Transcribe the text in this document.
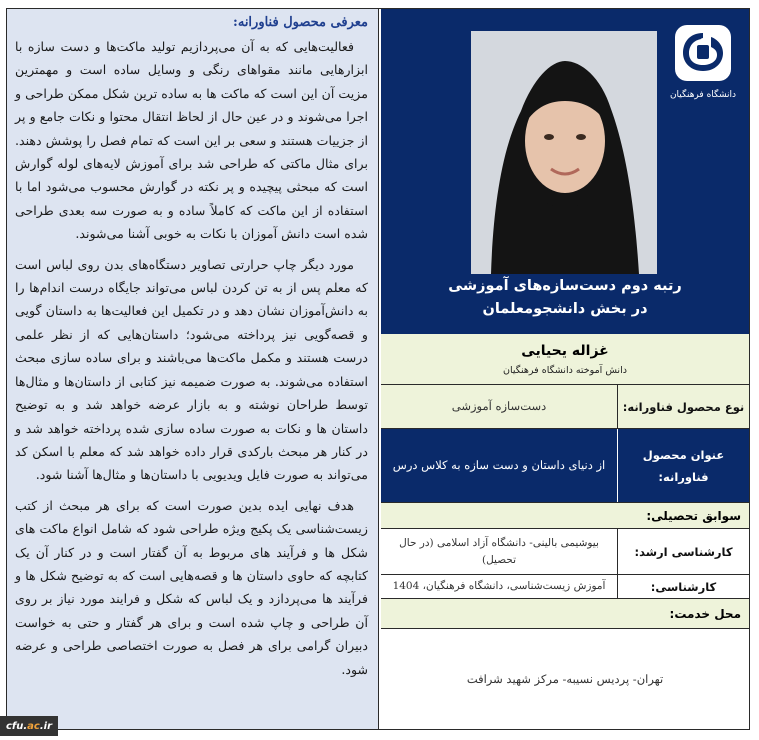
معرفی محصول فناورانه:

فعالیت‌هایی که به آن می‌پردازیم تولید ماکت‌ها و دست سازه با ابزارهایی مانند مقواهای رنگی و وسایل ساده است و مهمترین مزیت آن این است که ماکت ها به ساده ترین شکل ممکن طراحی و اجرا می‌شوند و در عین حال از لحاظ انتقال محتوا و نکات جامع و پر از جزییات هستند و سعی بر این است که تمام فصل را پوشش دهند. برای مثال ماکتی که طراحی شد برای آموزش لایه‌های لوله گوارش است که مبحثی پیچیده و پر نکته در گوارش محسوب می‌شود اما با استفاده از این ماکت که کاملاً ساده و به صورت سه بعدی طراحی شده است دانش آموزان با نکات به خوبی آشنا می‌شوند.

مورد دیگر چاپ حرارتی تصاویر دستگاه‌های بدن روی لباس است که معلم پس از به تن کردن لباس می‌تواند جایگاه درست اندام‌ها را به دانش‌آموزان نشان دهد و در تکمیل این فعالیت‌ها به داستان گویی و قصه‌گویی نیز پرداخته می‌شود؛ داستان‌هایی که از نظر علمی درست هستند و مکمل ماکت‌ها می‌باشند و برای ساده سازی مبحث استفاده می‌شوند. به صورت ضمیمه نیز کتابی از داستان‌ها و مثال‌ها توسط طراحان نوشته و به بازار عرضه خواهد شد و به توضیح داستان ها و نکات به صورت ساده سازی شده پرداخته خواهد شد و در کنار هر مبحث بارکدی قرار داده خواهد شد که معلم با اسکن کد می‌تواند به صورت فایل ویدیویی با داستان‌ها و مثال‌ها آشنا شود.

هدف نهایی ایده بدین صورت است که برای هر مبحث از کتب زیست‌شناسی یک پکیج ویژه طراحی شود که شامل انواع ماکت های شکل ها و فرآیند های مربوط به آن گفتار است و در کنار آن یک کتابچه که حاوی داستان ها و قصه‌هایی است که به توضیح شکل ها و فرآیند ها می‌پردازد و یک لباس که شکل و فرایند مورد نیاز بر روی آن طراحی و چاپ شده است و برای هر گفتار و حتی به خواست دبیران گرامی برای هر فصل به صورت اختصاصی طراحی و عرضه شود.

دانشگاه فرهنگیان
رتبه دوم دست‌سازه‌های آموزشی
در بخش دانشجومعلمان
غزاله یحیایی
دانش آموخته دانشگاه فرهنگیان
نوع محصول فناورانه:
دست‌سازه آموزشی
عنوان محصول فناورانه:
از دنیای داستان و دست سازه به کلاس درس
سوابق تحصیلی:
کارشناسی ارشد:
بیوشیمی بالینی- دانشگاه آزاد اسلامی (در حال تحصیل)
کارشناسی:
آموزش زیست‌شناسی، دانشگاه فرهنگیان، 1404
محل خدمت:
تهران- پردیس نسیبه- مرکز شهید شرافت
cfu. ac .ir
